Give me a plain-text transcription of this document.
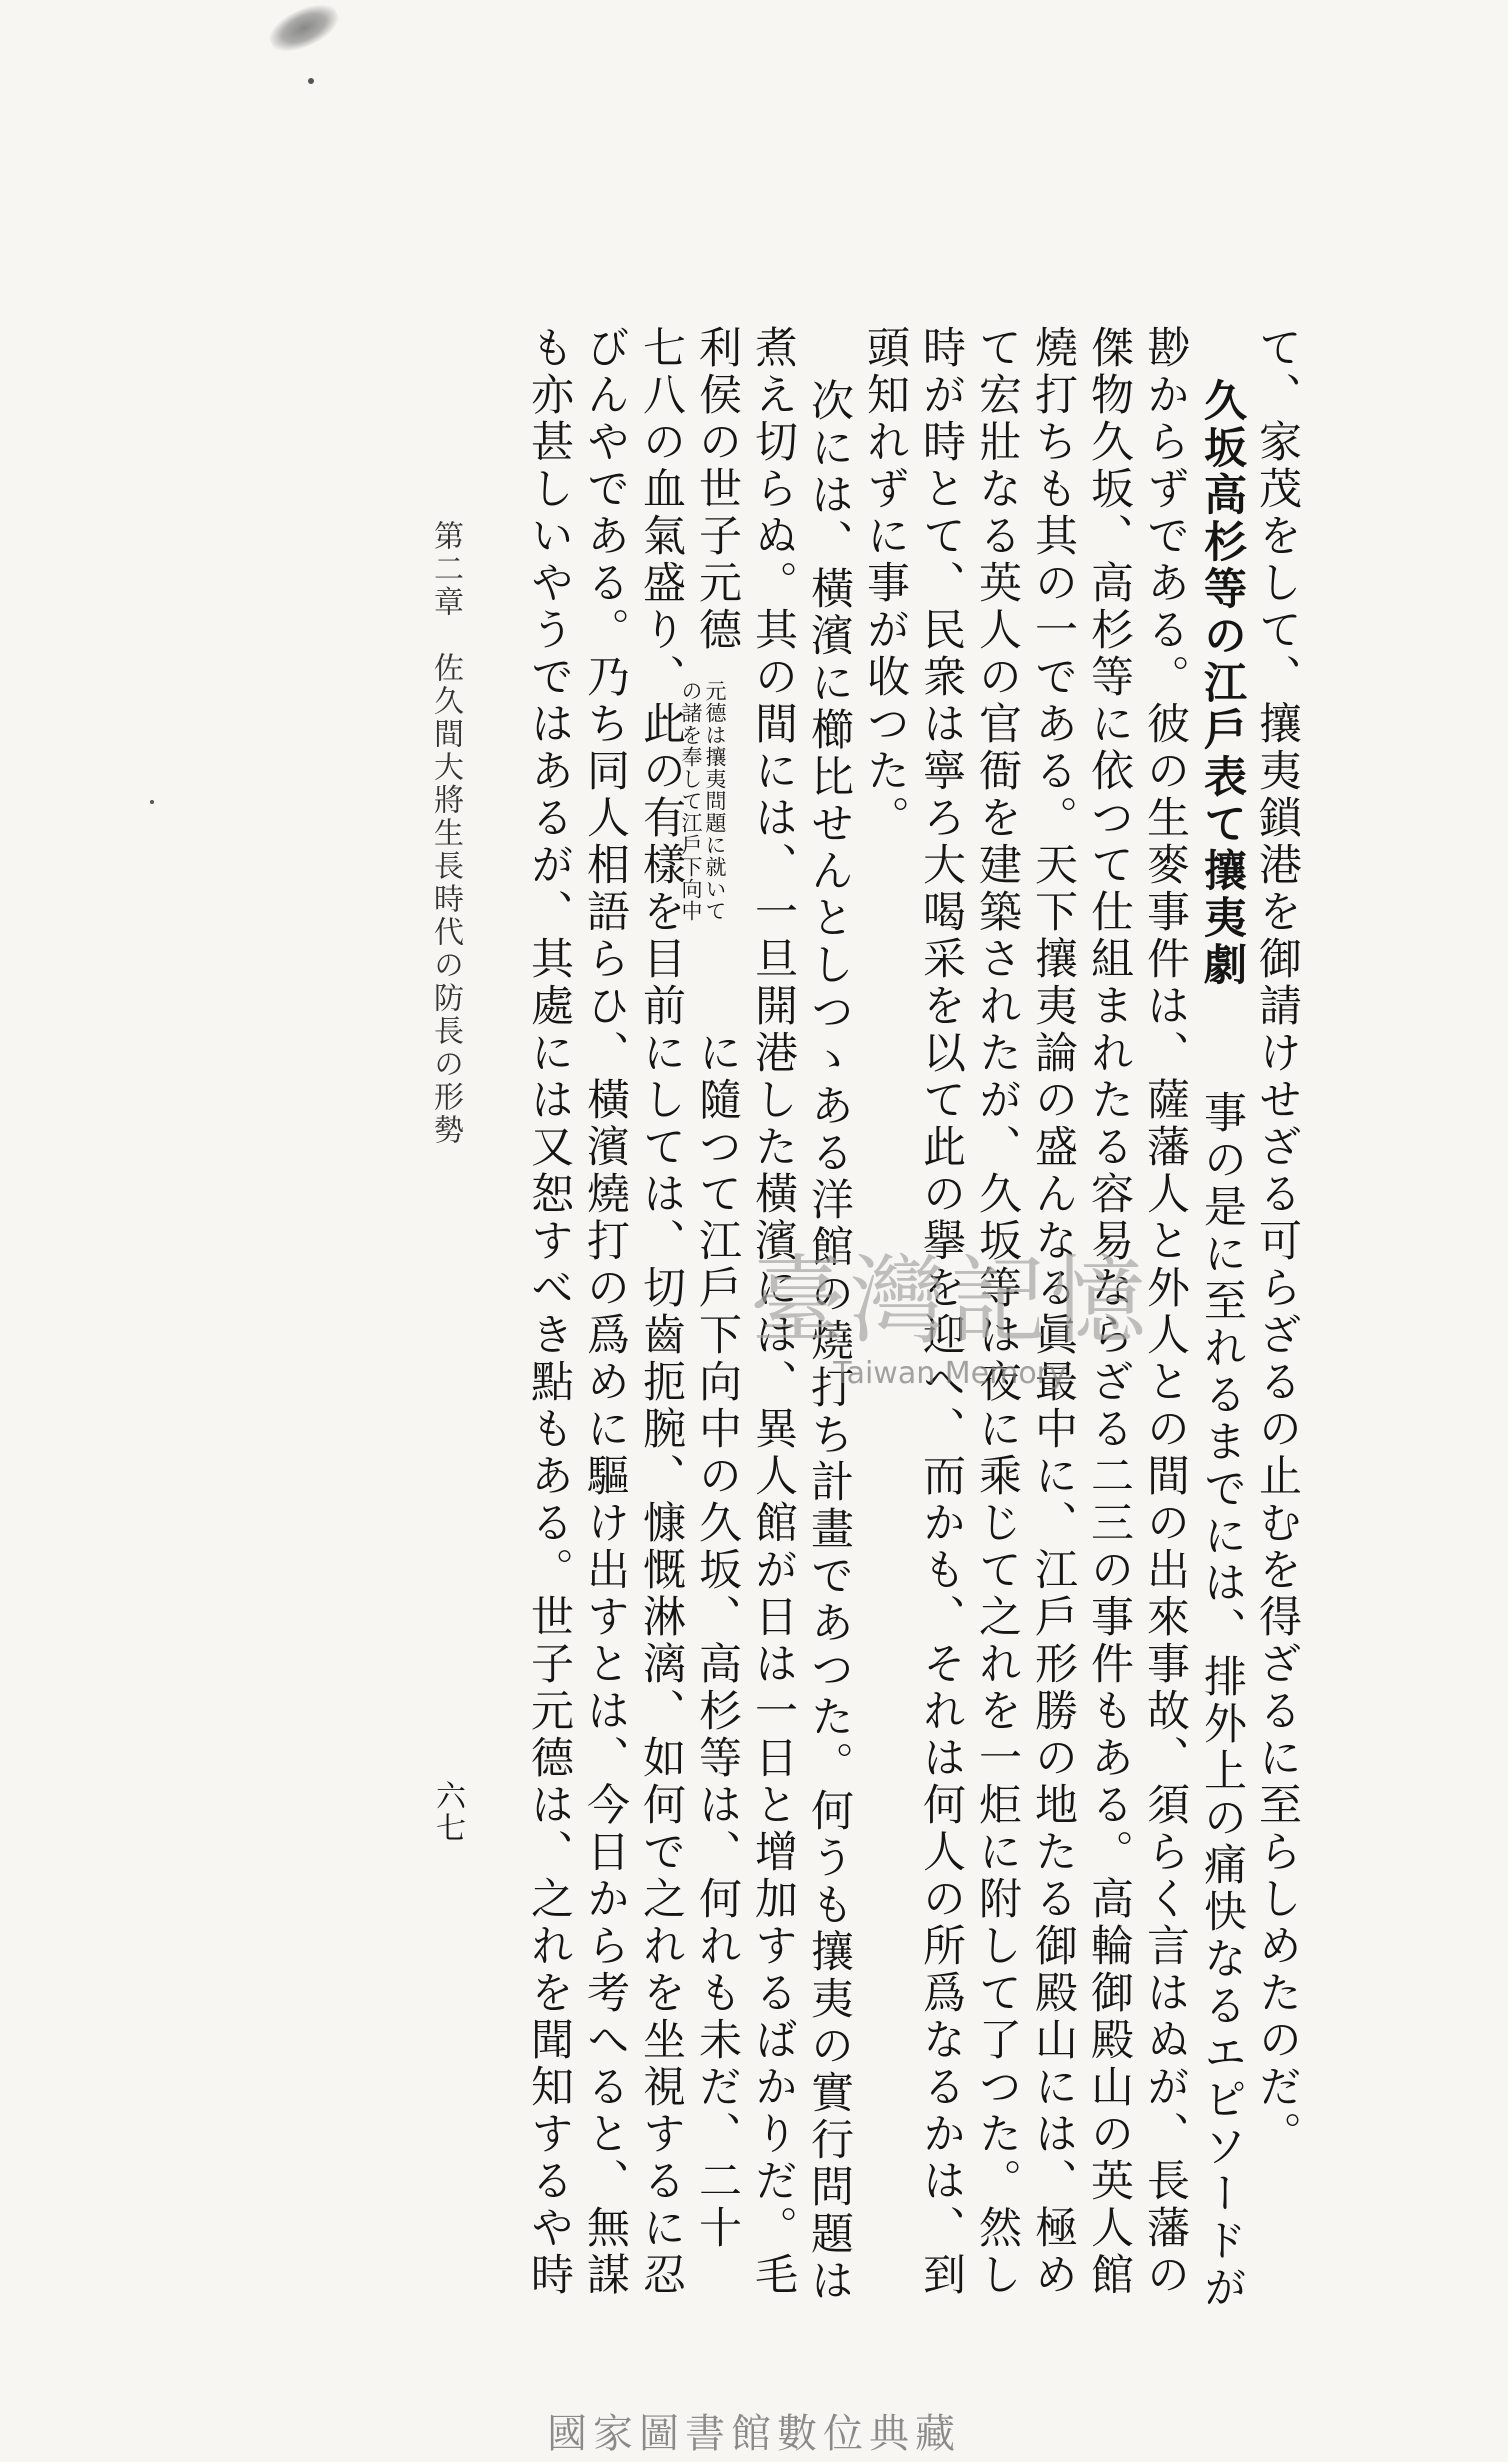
て、家茂をして、攘夷鎖港を御請けせざる可らざるの止むを得ざるに至らしめたのだ。
事の是に至れるまでには、排外上の痛快なるエピソードが
久坂高杉等の江戶表て攘夷劇
尠からずである。彼の生麥事件は、薩藩人と外人との間の出來事故、須らく言はぬが、長藩の
傑物久坂、高杉等に依つて仕組まれたる容易ならざる二三の事件もある。高輪御殿山の英人館
燒打ちも其の一である。天下攘夷論の盛んなる眞最中に、江戶形勝の地たる御殿山には、極め
て宏壯なる英人の官衙を建築されたが、久坂等は夜に乘じて之れを一炬に附して了つた。然し
時が時とて、民衆は寧ろ大喝采を以て此の擧を迎へ、而かも、それは何人の所爲なるかは、到
頭知れずに事が收つた。
次には、橫濱に櫛比せんとしつゝある洋館の燒打ち計畫であつた。何うも攘夷の實行問題は
煮え切らぬ。其の間には、一旦開港した橫濱には、異人館が日は一日と增加するばかりだ。毛
利侯の世子元德
元德は攘夷問題に就いて
の諸を奉して江戶下向中
に隨つて江戶下向中の久坂、高杉等は、何れも未だ、二十
七八の血氣盛り、此の有樣を目前にしては、切齒扼腕、慷慨淋漓、如何で之れを坐視するに忍
びんやである。乃ち同人相語らひ、橫濱燒打の爲めに驅け出すとは、今日から考へると、無謀
も亦甚しいやうではあるが、其處には又恕すべき點もある。世子元德は、之れを聞知するや時
第二章　佐久間大將生長時代の防長の形勢
六七
臺灣記憶
Taiwan Memory
國家圖書館數位典藏
